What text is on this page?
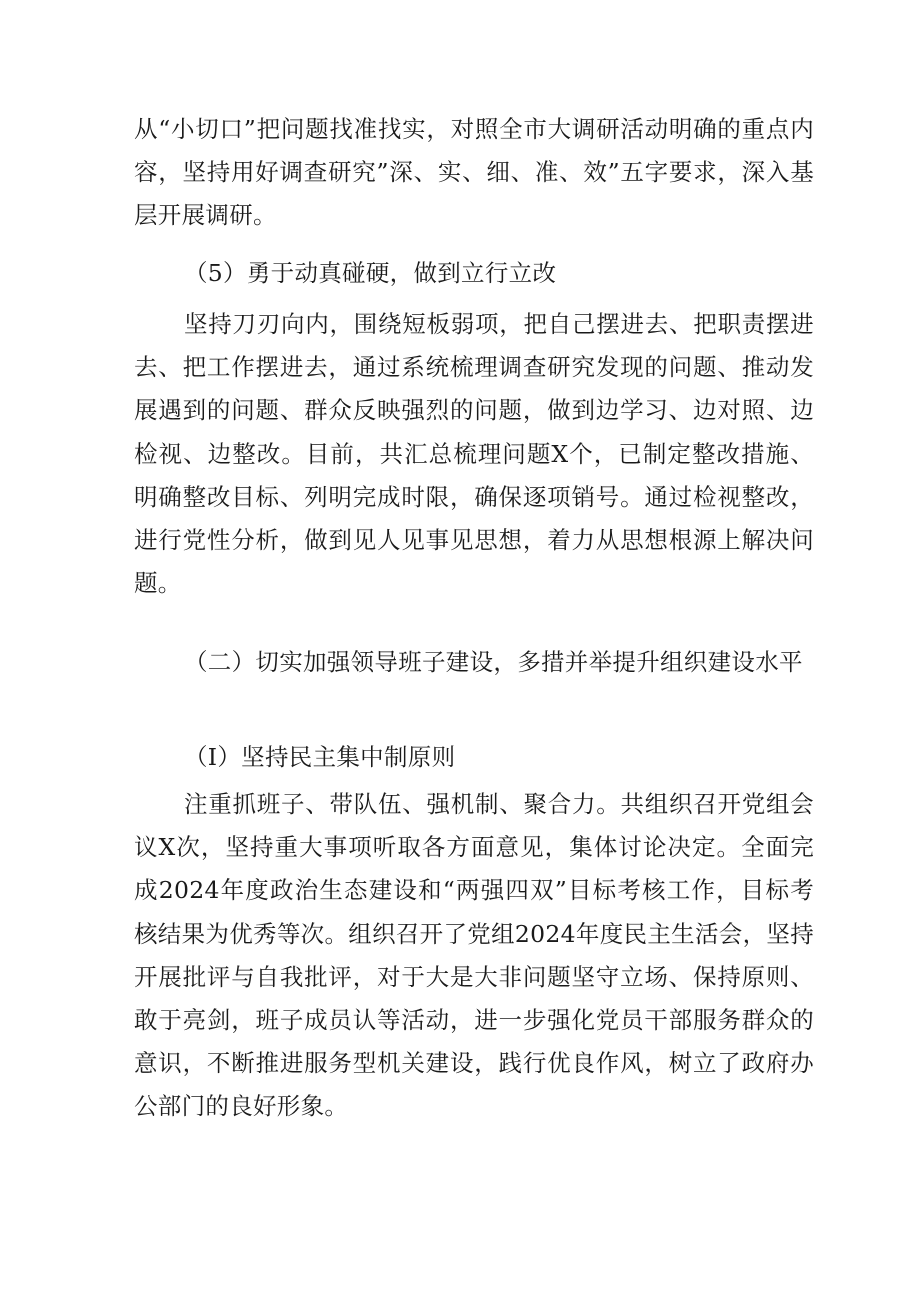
从“小切口”把问题找准找实，对照全市大调研活动明确的重点内容，坚持用好调查研究”深、实、细、准、效”五字要求，深入基层开展调研。

（5）勇于动真碰硬，做到立行立改

坚持刀刃向内，围绕短板弱项，把自己摆进去、把职责摆进去、把工作摆进去，通过系统梳理调查研究发现的问题、推动发展遇到的问题、群众反映强烈的问题，做到边学习、边对照、边检视、边整改。目前，共汇总梳理问题X个，已制定整改措施、明确整改目标、列明完成时限，确保逐项销号。通过检视整改，进行党性分析，做到见人见事见思想，着力从思想根源上解决问题。

（二）切实加强领导班子建设，多措并举提升组织建设水平

（I）坚持民主集中制原则

注重抓班子、带队伍、强机制、聚合力。共组织召开党组会议X次，坚持重大事项听取各方面意见，集体讨论决定。全面完成2024年度政治生态建设和“两强四双”目标考核工作，目标考核结果为优秀等次。组织召开了党组2024年度民主生活会，坚持开展批评与自我批评，对于大是大非问题坚守立场、保持原则、敢于亮剑，班子成员认等活动，进一步强化党员干部服务群众的意识，不断推进服务型机关建设，践行优良作风，树立了政府办公部门的良好形象。
